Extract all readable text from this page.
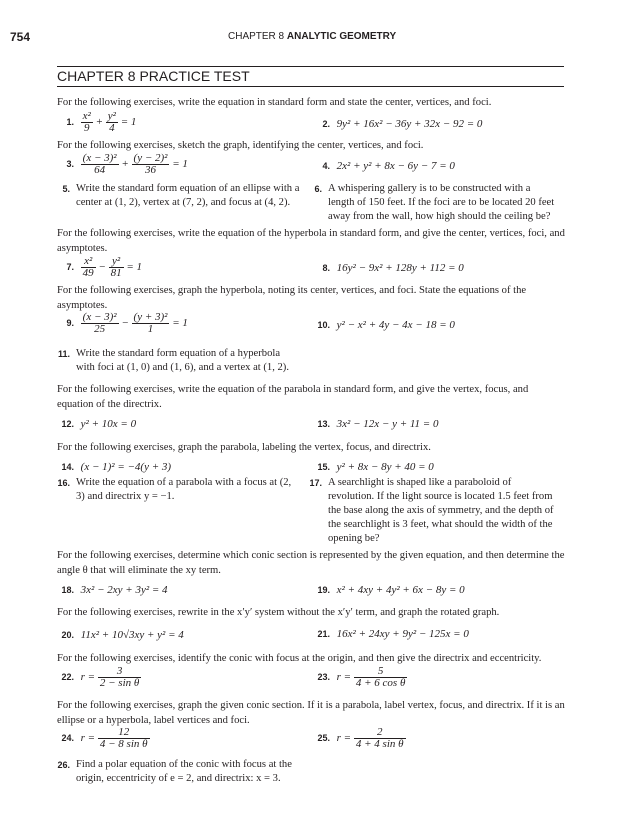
754	CHAPTER 8 ANALYTIC GEOMETRY
CHAPTER 8 PRACTICE TEST
For the following exercises, write the equation in standard form and state the center, vertices, and foci.
1. $\frac{\text{x²}}{9} + \frac{\text{y²}}{4} = 1$	2. 9y² + 16x² − 36y + 32x − 92 = 0
For the following exercises, sketch the graph, identifying the center, vertices, and foci.
3. $\frac{\text{(x − 3)²}}{64} + \frac{\text{(y − 2)²}}{36} = 1$	4. 2x² + y² + 8x − 6y − 7 = 0
5. Write the standard form equation of an ellipse with a center at (1, 2), vertex at (7, 2), and focus at (4, 2).
6. A whispering gallery is to be constructed with a length of 150 feet. If the foci are to be located 20 feet away from the wall, how high should the ceiling be?
For the following exercises, write the equation of the hyperbola in standard form, and give the center, vertices, foci, and asymptotes.
7. $\frac{\text{x²}}{49} - \frac{\text{y²}}{81} = 1$	8. 16y² − 9x² + 128y + 112 = 0
For the following exercises, graph the hyperbola, noting its center, vertices, and foci. State the equations of the asymptotes.
9. $\frac{\text{(x − 3)²}}{25} - \frac{\text{(y + 3)²}}{1} = 1$	10. y² − x² + 4y − 4x − 18 = 0
11. Write the standard form equation of a hyperbola with foci at (1, 0) and (1, 6), and a vertex at (1, 2).
For the following exercises, write the equation of the parabola in standard form, and give the vertex, focus, and equation of the directrix.
12. y² + 10x = 0	13. 3x² − 12x − y + 11 = 0
For the following exercises, graph the parabola, labeling the vertex, focus, and directrix.
14. (x − 1)² = −4(y + 3)	15. y² + 8x − 8y + 40 = 0
16. Write the equation of a parabola with a focus at (2, 3) and directrix y = −1.
17. A searchlight is shaped like a paraboloid of revolution. If the light source is located 1.5 feet from the base along the axis of symmetry, and the depth of the searchlight is 3 feet, what should the width of the opening be?
For the following exercises, determine which conic section is represented by the given equation, and then determine the angle θ that will eliminate the xy term.
18. 3x² − 2xy + 3y² = 4	19. x² + 4xy + 4y² + 6x − 8y = 0
For the following exercises, rewrite in the x′y′ system without the x′y′ term, and graph the rotated graph.
20. 11x² + 10√3xy + y² = 4	21. 16x² + 24xy + 9y² − 125x = 0
For the following exercises, identify the conic with focus at the origin, and then give the directrix and eccentricity.
22. $r = \frac{3}{\text{2 − sin θ}}$	23. $r = \frac{5}{\text{4 + 6 cos θ}}$
For the following exercises, graph the given conic section. If it is a parabola, label vertex, focus, and directrix. If it is an ellipse or a hyperbola, label vertices and foci.
24. $r = \frac{12}{\text{4 − 8 sin θ}}$	25. $r = \frac{2}{\text{4 + 4 sin θ}}$
26. Find a polar equation of the conic with focus at the origin, eccentricity of e = 2, and directrix: x = 3.
